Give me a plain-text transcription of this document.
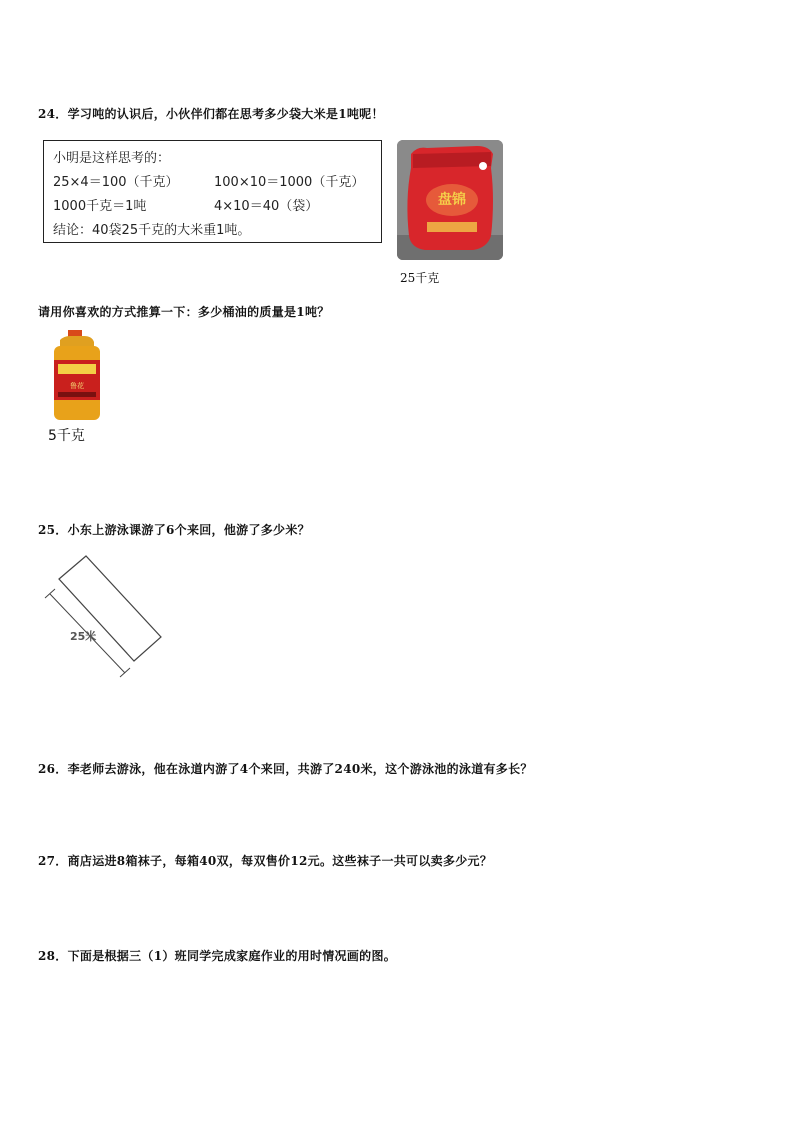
24．学习吨的认识后，小伙伴们都在思考多少袋大米是1吨呢！
小明是这样思考的：
25×4＝100（千克）	100×10＝1000（千克）
1000千克＝1吨	4×10＝40（袋）
结论：40袋25千克的大米重1吨。
盘锦
25千克
请用你喜欢的方式推算一下：多少桶油的质量是1吨？
鲁花
5千克
25．小东上游泳课游了6个来回，他游了多少米？
25米
26．李老师去游泳，他在泳道内游了4个来回，共游了240米，这个游泳池的泳道有多长？
27．商店运进8箱袜子，每箱40双，每双售价12元。这些袜子一共可以卖多少元？
28．下面是根据三（1）班同学完成家庭作业的用时情况画的图。
